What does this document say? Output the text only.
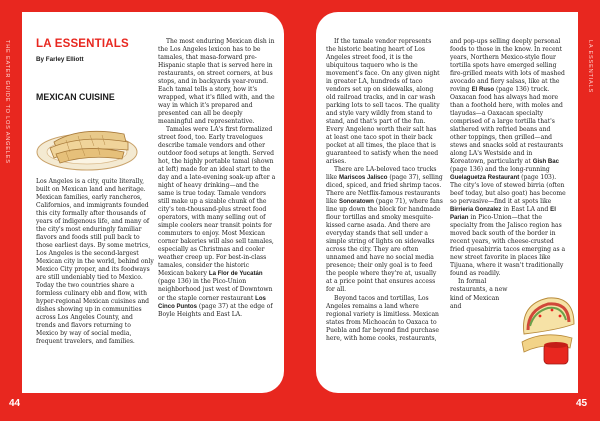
THE EATER GUIDE TO LOS ANGELES	LA ESSENTIALS
44	45
LA ESSENTIALS
By Farley Elliott
MEXICAN CUISINE

Los Angeles is a city, quite literally, built on Mexican land and heritage. Mexican families, early rancheros, Californios, and immigrants founded this city formally after thousands of years of indigenous life, and many of the city's most enduringly familiar flavors and foods still pull back to those earliest days. By some metrics, Los Angeles is the second-largest Mexican city in the world, behind only Mexico City proper, and its foodways are still undeniably tied to Mexico. Today the two countries share a formless culinary ebb and flow, with hyper-regional Mexican cuisines and dishes showing up in communities across Los Angeles County, and trends and flavors returning to Mexico by way of social media, frequent travelers, and families.

The most enduring Mexican dish in the Los Angeles lexicon has to be tamales, that masa-forward pre-Hispanic staple that is served here in restaurants, on street corners, at bus stops, and in backyards year-round. Each tamal tells a story, how it's wrapped, what it's filled with, and the way in which it's prepared and presented can all be deeply meaningful and representative.

Tamales were LA's first formalized street food, too. Early travelogues describe tamale vendors and other outdoor food setups at length. Served hot, the highly portable tamal (shown at left) made for an ideal start to the day and a late-evening soak-up after a night of heavy drinking—and the same is true today. Tamale vendors still make up a sizable chunk of the city's ten-thousand-plus street food operators, with many selling out of simple coolers near transit points for commuters to enjoy. Most Mexican corner bakeries will also sell tamales, especially as Christmas and cooler weather creep up. For best-in-class tamales, consider the historic Mexican bakery La Flor de Yucatán (page 136) in the Pico-Union neighborhood just west of Downtown or the staple corner restaurant Los Cinco Puntos (page 37) at the edge of Boyle Heights and East LA.

If the tamale vendor represents the historic beating heart of Los Angeles street food, it is the ubiquitous taquero who is the movement's face. On any given night in greater LA, hundreds of taco vendors set up on sidewalks, along old railroad tracks, and in car wash parking lots to sell tacos. The quality and style vary wildly from stand to stand, and that's part of the fun. Every Angeleno worth their salt has at least one taco spot in their back pocket at all times, the place that is guaranteed to satisfy when the need arises.

There are LA-beloved taco trucks like Mariscos Jalisco (page 37), selling diced, spiced, and fried shrimp tacos. There are Netflix-famous restaurants like Sonoratown (page 71), where fans line up down the block for handmade flour tortillas and smoky mesquite-kissed carne asada. And there are everyday stands that sell under a simple string of lights on sidewalks across the city. They are often unnamed and have no social media presence; their only goal is to feed the people where they're at, usually at a price point that ensures access for all.

Beyond tacos and tortillas, Los Angeles remains a land where regional variety is limitless. Mexican states from Michoacán to Oaxaca to Puebla and far beyond find purchase here, with home cooks, restaurants,

and pop-ups selling deeply personal foods to those in the know. In recent years, Northern Mexico-style flour tortilla spots have emerged selling fire-grilled meats with lots of mashed avocado and fiery salsas, like at the roving El Ruso (page 136) truck. Oaxacan food has always had more than a foothold here, with moles and tlayudas—a Oaxacan specialty comprised of a large tortilla that's slathered with refried beans and other toppings, then grilled—and stews and snacks sold at restaurants along LA's Westside and in Koreatown, particularly at Gish Bac (page 136) and the long-running Guelaguetza Restaurant (page 103). The city's love of stewed birria (often beef today, but also goat) has become so pervasive—find it at spots like Birrieria Gonzalez in East LA and El Parian in Pico-Union—that the specialty from the Jalisco region has moved back south of the border in recent years, with cheese-crusted fried quesabirria tacos emerging as a new street favorite in places like Tijuana, where it wasn't traditionally found as readily.

In formal restaurants, a new kind of Mexican and
